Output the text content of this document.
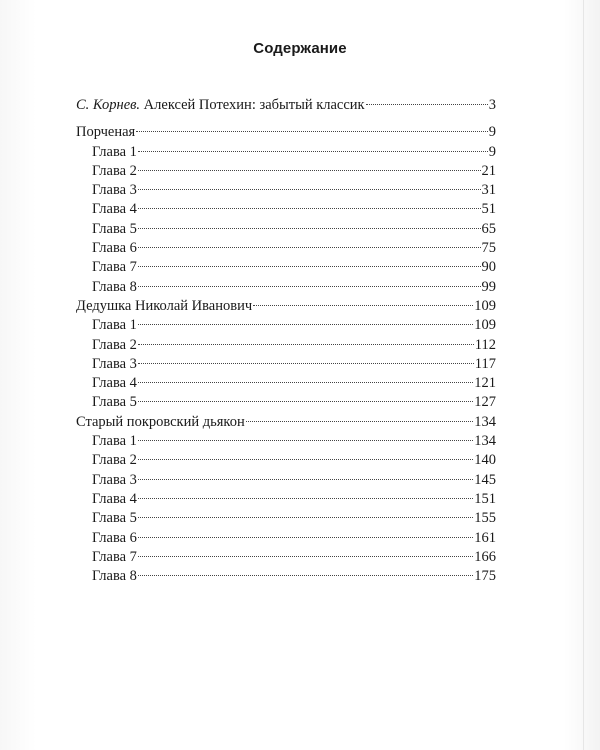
Содержание
С. Корнев. Алексей Потехин: забытый классик	3
Порченая	9
Глава 1	9
Глава 2	21
Глава 3	31
Глава 4	51
Глава 5	65
Глава 6	75
Глава 7	90
Глава 8	99
Дедушка Николай Иванович	109
Глава 1	109
Глава 2	112
Глава 3	117
Глава 4	121
Глава 5	127
Старый покровский дьякон	134
Глава 1	134
Глава 2	140
Глава 3	145
Глава 4	151
Глава 5	155
Глава 6	161
Глава 7	166
Глава 8	175
